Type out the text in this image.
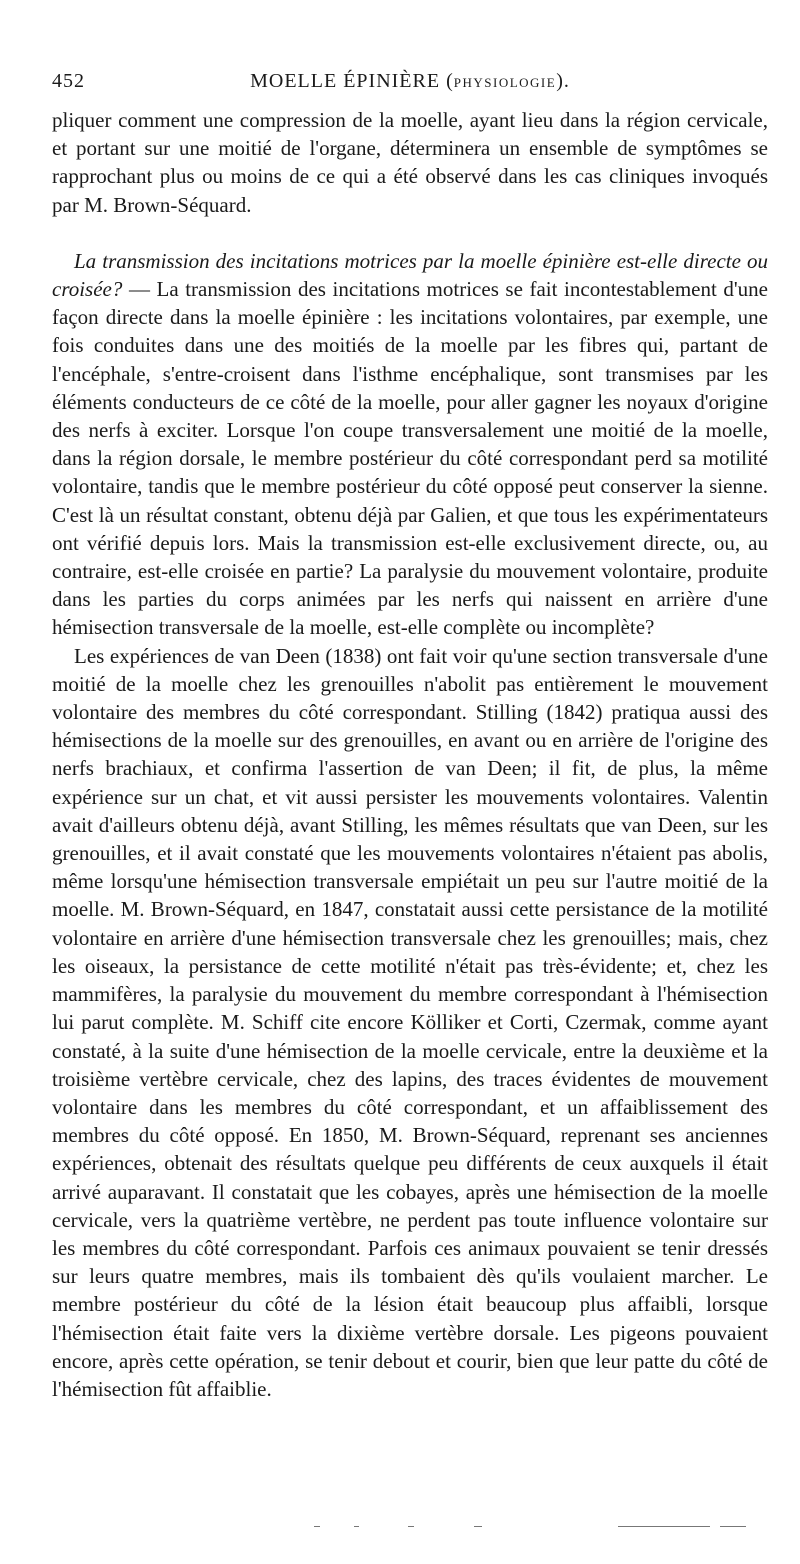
452	MOELLE ÉPINIÈRE (PHYSIOLOGIE).

pliquer comment une compression de la moelle, ayant lieu dans la région cervicale, et portant sur une moitié de l'organe, déterminera un ensemble de symptômes se rapprochant plus ou moins de ce qui a été observé dans les cas cliniques invoqués par M. Brown-Séquard.

La transmission des incitations motrices par la moelle épinière est-elle directe ou croisée? — La transmission des incitations motrices se fait incontestablement d'une façon directe dans la moelle épinière : les incitations volontaires, par exemple, une fois conduites dans une des moitiés de la moelle par les fibres qui, partant de l'encéphale, s'entre-croisent dans l'isthme encéphalique, sont transmises par les éléments conducteurs de ce côté de la moelle, pour aller gagner les noyaux d'origine des nerfs à exciter. Lorsque l'on coupe transversalement une moitié de la moelle, dans la région dorsale, le membre postérieur du côté correspondant perd sa motilité volontaire, tandis que le membre postérieur du côté opposé peut conserver la sienne. C'est là un résultat constant, obtenu déjà par Galien, et que tous les expérimentateurs ont vérifié depuis lors. Mais la transmission est-elle exclusivement directe, ou, au contraire, est-elle croisée en partie? La paralysie du mouvement volontaire, produite dans les parties du corps animées par les nerfs qui naissent en arrière d'une hémisection transversale de la moelle, est-elle complète ou incomplète?

Les expériences de van Deen (1838) ont fait voir qu'une section transversale d'une moitié de la moelle chez les grenouilles n'abolit pas entièrement le mouvement volontaire des membres du côté correspondant. Stilling (1842) pratiqua aussi des hémisections de la moelle sur des grenouilles, en avant ou en arrière de l'origine des nerfs brachiaux, et confirma l'assertion de van Deen; il fit, de plus, la même expérience sur un chat, et vit aussi persister les mouvements volontaires. Valentin avait d'ailleurs obtenu déjà, avant Stilling, les mêmes résultats que van Deen, sur les grenouilles, et il avait constaté que les mouvements volontaires n'étaient pas abolis, même lorsqu'une hémisection transversale empiétait un peu sur l'autre moitié de la moelle. M. Brown-Séquard, en 1847, constatait aussi cette persistance de la motilité volontaire en arrière d'une hémisection transversale chez les grenouilles; mais, chez les oiseaux, la persistance de cette motilité n'était pas très-évidente; et, chez les mammifères, la paralysie du mouvement du membre correspondant à l'hémisection lui parut complète. M. Schiff cite encore Kölliker et Corti, Czermak, comme ayant constaté, à la suite d'une hémisection de la moelle cervicale, entre la deuxième et la troisième vertèbre cervicale, chez des lapins, des traces évidentes de mouvement volontaire dans les membres du côté correspondant, et un affaiblissement des membres du côté opposé. En 1850, M. Brown-Séquard, reprenant ses anciennes expériences, obtenait des résultats quelque peu différents de ceux auxquels il était arrivé auparavant. Il constatait que les cobayes, après une hémisection de la moelle cervicale, vers la quatrième vertèbre, ne perdent pas toute influence volontaire sur les membres du côté correspondant. Parfois ces animaux pouvaient se tenir dressés sur leurs quatre membres, mais ils tombaient dès qu'ils voulaient marcher. Le membre postérieur du côté de la lésion était beaucoup plus affaibli, lorsque l'hémisection était faite vers la dixième vertèbre dorsale. Les pigeons pouvaient encore, après cette opération, se tenir debout et courir, bien que leur patte du côté de l'hémisection fût affaiblie.
